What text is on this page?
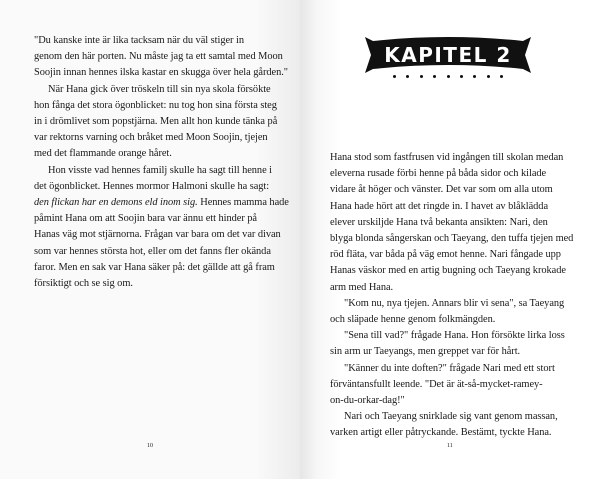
"Du kanske inte är lika tacksam när du väl stiger in
genom den här porten. Nu måste jag ta ett samtal med Moon
Soojin innan hennes ilska kastar en skugga över hela gården."

När Hana gick över tröskeln till sin nya skola försökte
hon fånga det stora ögonblicket: nu tog hon sina första steg
in i drömlivet som popstjärna. Men allt hon kunde tänka på
var rektorns varning och bråket med Moon Soojin, tjejen
med det flammande orange håret.

Hon visste vad hennes familj skulle ha sagt till henne i
det ögonblicket. Hennes mormor Halmoni skulle ha sagt:
den flickan har en demons eld inom sig. Hennes mamma hade
påmint Hana om att Soojin bara var ännu ett hinder på
Hanas väg mot stjärnorna. Frågan var bara om det var divan
som var hennes största hot, eller om det fanns fler okända
faror. Men en sak var Hana säker på: det gällde att gå fram
försiktigt och se sig om.

10
KAPITEL 2

Hana stod som fastfrusen vid ingången till skolan medan
eleverna rusade förbi henne på båda sidor och kilade
vidare åt höger och vänster. Det var som om alla utom
Hana hade hört att det ringde in. I havet av blåklädda
elever urskiljde Hana två bekanta ansikten: Nari, den
blyga blonda sångerskan och Taeyang, den tuffa tjejen med
röd fläta, var båda på väg emot henne. Nari fångade upp
Hanas väskor med en artig bugning och Taeyang krokade
arm med Hana.

"Kom nu, nya tjejen. Annars blir vi sena", sa Taeyang
och släpade henne genom folkmängden.

"Sena till vad?" frågade Hana. Hon försökte lirka loss
sin arm ur Taeyangs, men greppet var för hårt.

"Känner du inte doften?" frågade Nari med ett stort
förväntansfullt leende. "Det är ät-så-mycket-ramey-
on-du-orkar-dag!"

Nari och Taeyang snirklade sig vant genom massan,
varken artigt eller påtryckande. Bestämt, tyckte Hana.

11
